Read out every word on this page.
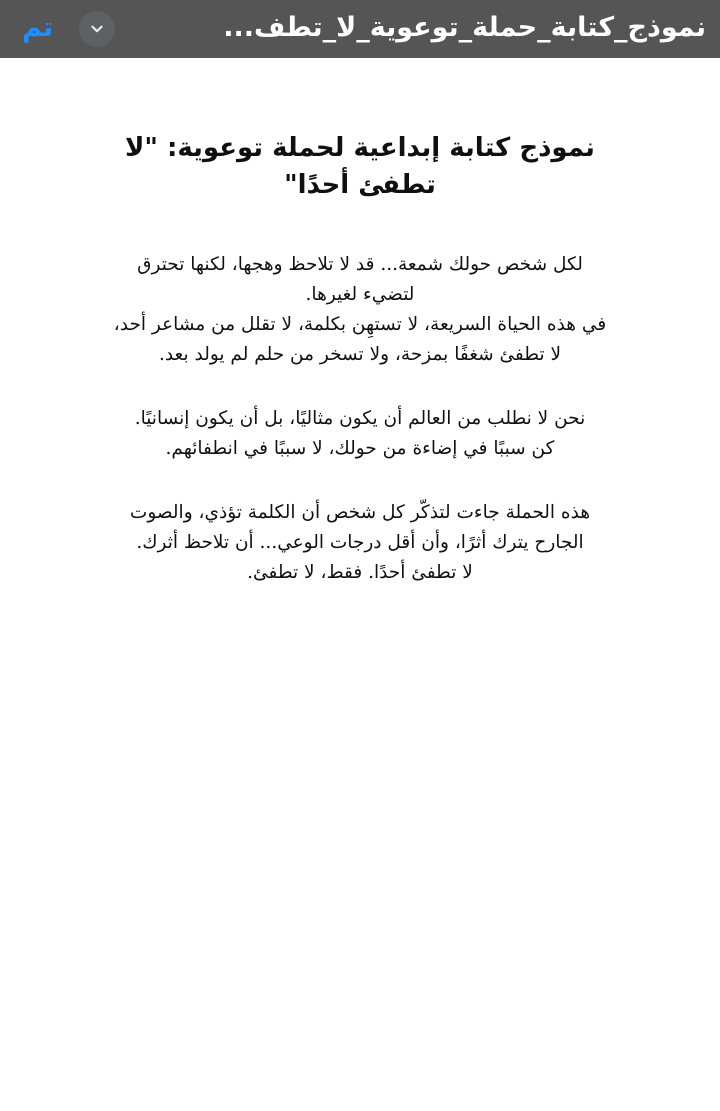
تم	نموذج_كتابة_حملة_توعوية_لا_تطف...
نموذج كتابة إبداعية لحملة توعوية: "لا تطفئ أحدًا"

لكل شخص حولك شمعة... قد لا تلاحظ وهجها، لكنها تحترق لتضيء لغيرها.
في هذه الحياة السريعة، لا تستهِن بكلمة، لا تقلل من مشاعر أحد، لا تطفئ شغفًا بمزحة، ولا تسخر من حلم لم يولد بعد.

نحن لا نطلب من العالم أن يكون مثاليًا، بل أن يكون إنسانيًا.
كن سببًا في إضاءة من حولك، لا سببًا في انطفائهم.

هذه الحملة جاءت لتذكّر كل شخص أن الكلمة تؤذي، والصوت الجارح يترك أثرًا، وأن أقل درجات الوعي... أن تلاحظ أثرك.
لا تطفئ أحدًا. فقط، لا تطفئ.
